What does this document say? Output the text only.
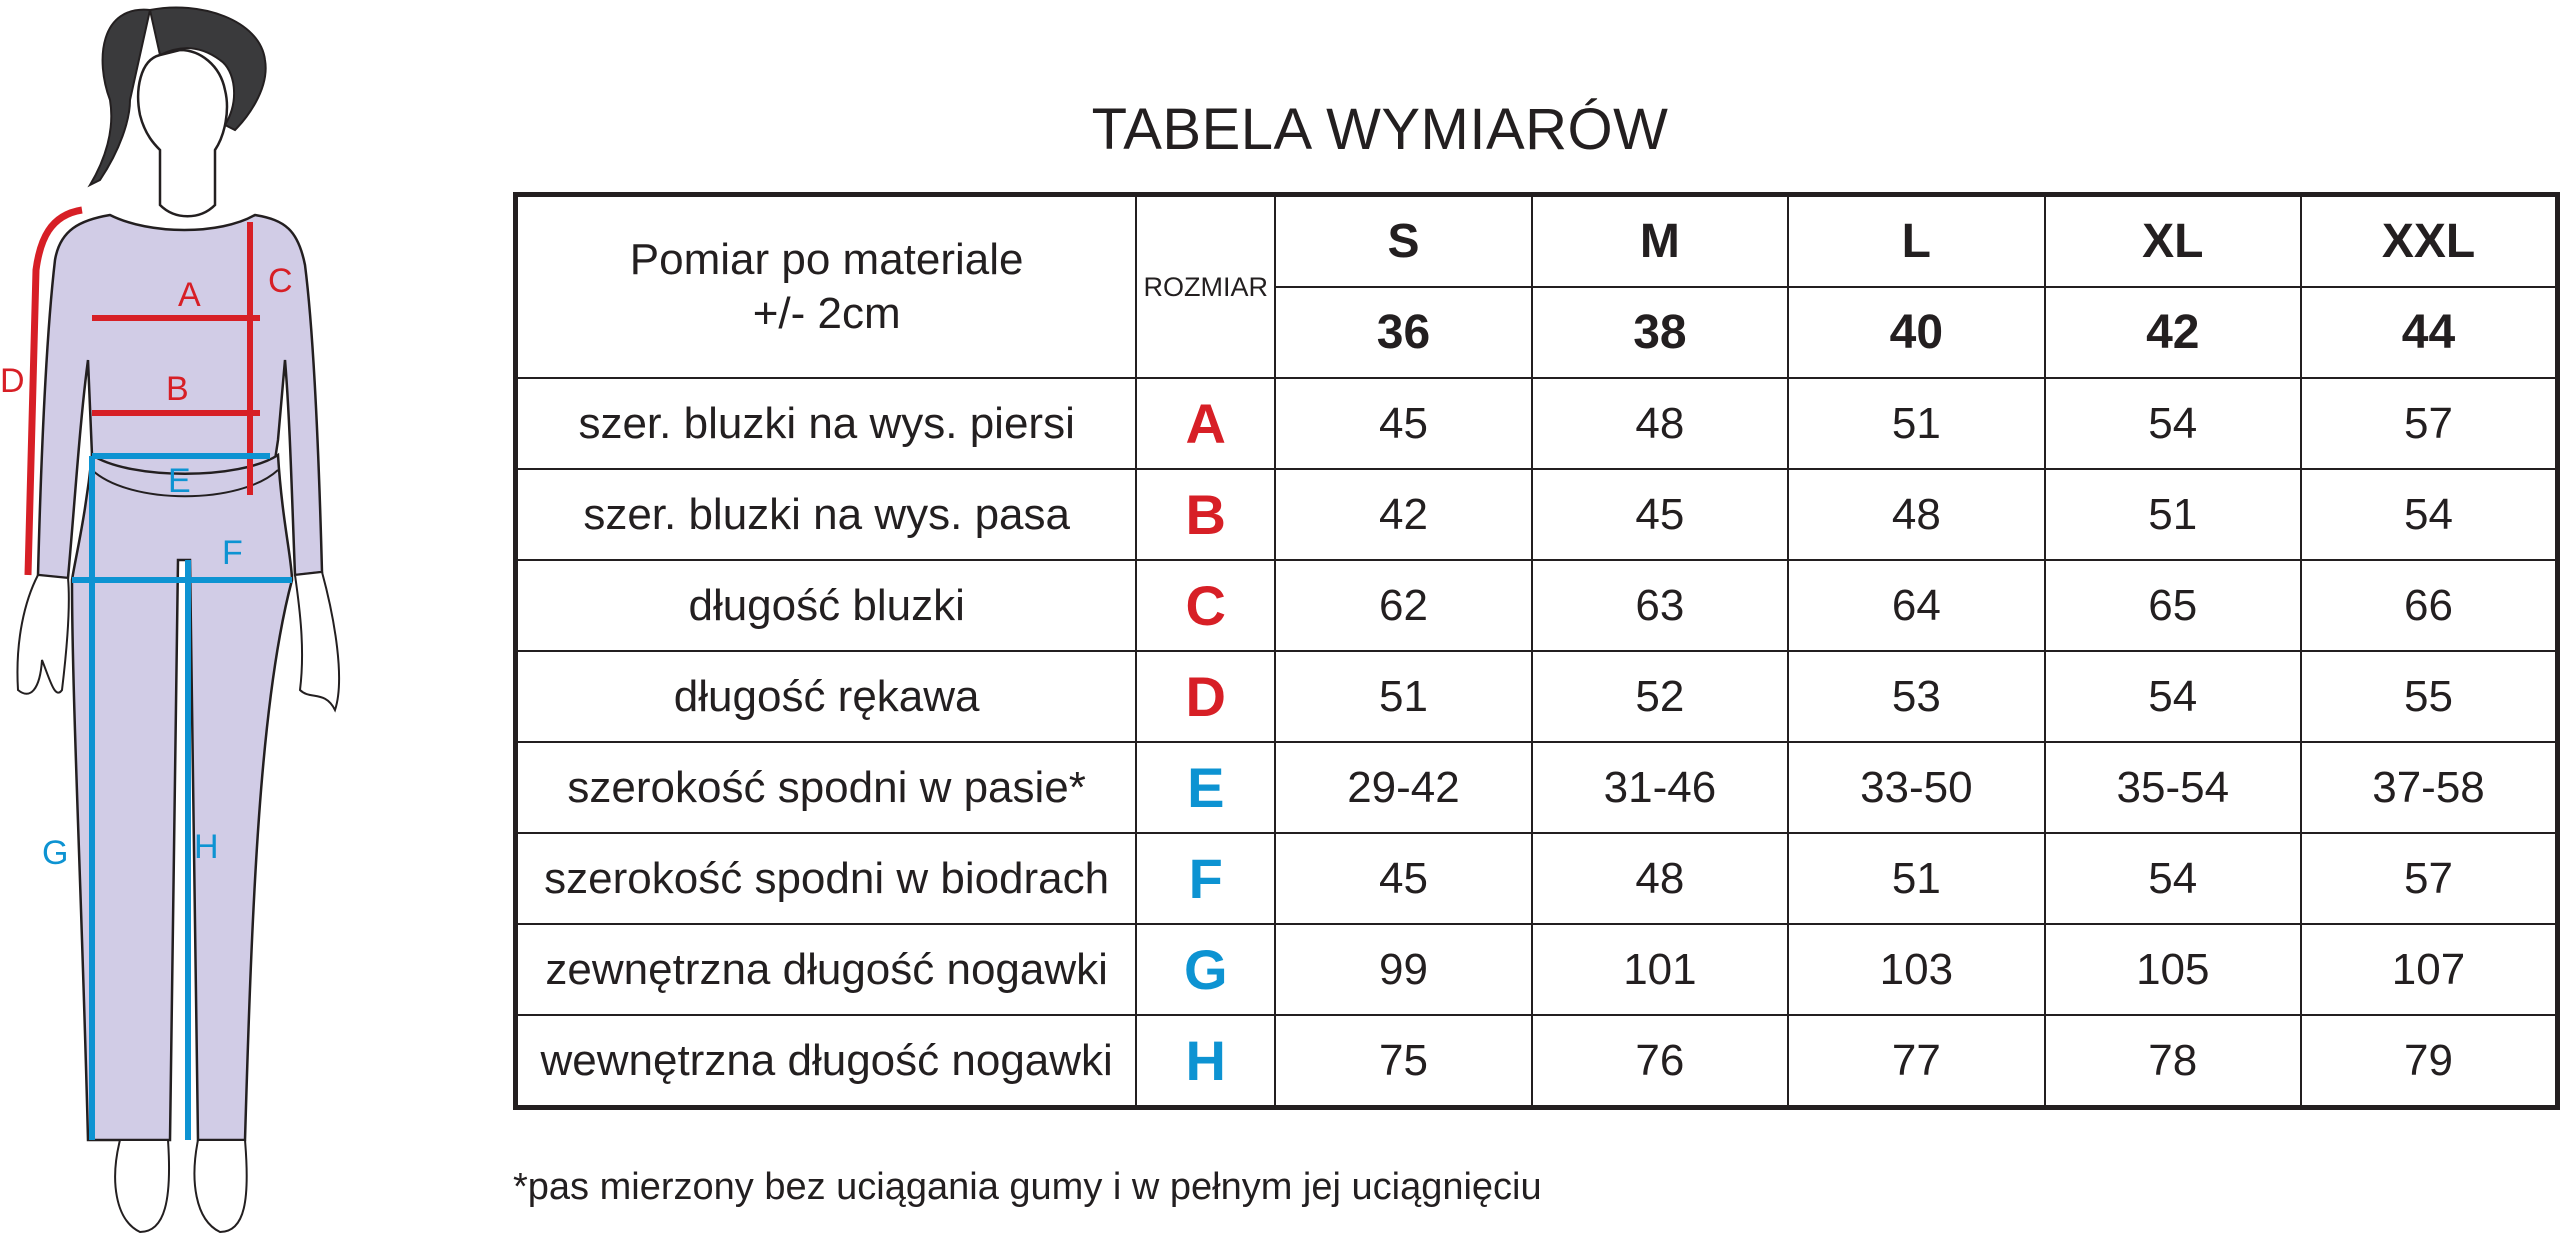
A
B
C
D
E
F
G	H
TABELA WYMIARÓW
Pomiar po materiale
+/- 2cm	ROZMIAR	S	M	L	XL	XXL
		36	38	40	42	44
szer. bluzki na wys. piersi	A	45	48	51	54	57
szer. bluzki na wys. pasa	B	42	45	48	51	54
długość bluzki	C	62	63	64	65	66
długość rękawa	D	51	52	53	54	55
szerokość spodni w pasie*	E	29-42	31-46	33-50	35-54	37-58
szerokość spodni w biodrach	F	45	48	51	54	57
zewnętrzna długość nogawki	G	99	101	103	105	107
wewnętrzna długość nogawki	H	75	76	77	78	79
*pas mierzony bez uciągania gumy i w pełnym jej uciągnięciu
